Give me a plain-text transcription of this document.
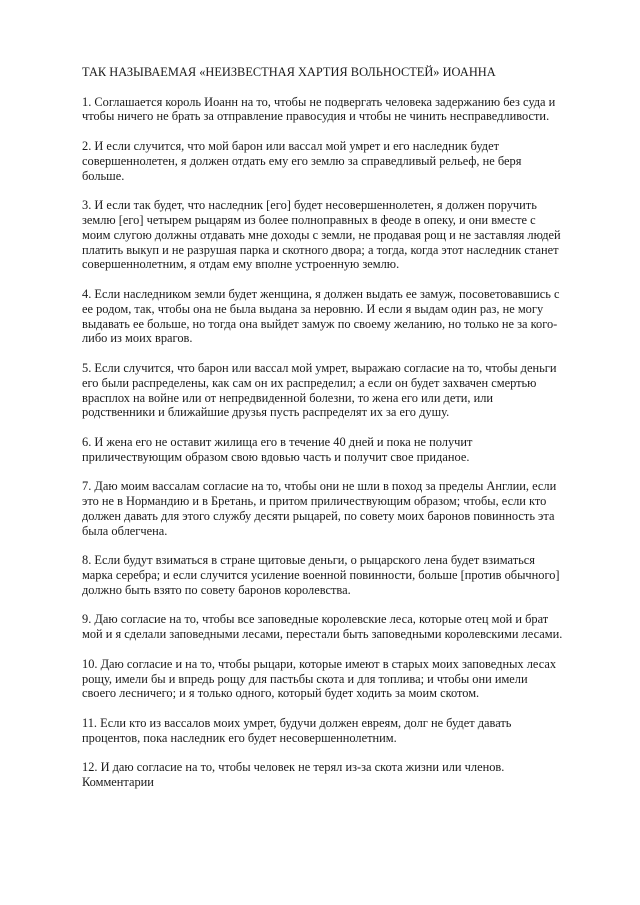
ТАК НАЗЫВАЕМАЯ «НЕИЗВЕСТНАЯ ХАРТИЯ ВОЛЬНОСТЕЙ» ИОАННА
1. Соглашается король Иоанн на то, чтобы не подвергать человека задержанию без суда и
чтобы ничего не брать за отправление правосудия и чтобы не чинить несправедливости.
2. И если случится, что мой барон или вассал мой умрет и его наследник будет
совершеннолетен, я должен отдать ему его землю за справедливый рельеф, не беря
больше.
3. И если так будет, что наследник [его] будет несовершеннолетен, я должен поручить
землю [его] четырем рыцарям из более полноправных в феоде в опеку, и они вместе с
моим слугою должны отдавать мне доходы с земли, не продавая рощ и не заставляя людей
платить выкуп и не разрушая парка и скотного двора; а тогда, когда этот наследник станет
совершеннолетним, я отдам ему вполне устроенную землю.
4. Если наследником земли будет женщина, я должен выдать ее замуж, посоветовавшись с
ее родом, так, чтобы она не была выдана за неровню. И если я выдам один раз, не могу
выдавать ее больше, но тогда она выйдет замуж по своему желанию, но только не за кого-
либо из моих врагов.
5. Если случится, что барон или вассал мой умрет, выражаю согласие на то, чтобы деньги
его были распределены, как сам он их распределил; а если он будет захвачен смертью
врасплох на войне или от непредвиденной болезни, то жена его или дети, или
родственники и ближайшие друзья пусть распределят их за его душу.
6. И жена его не оставит жилища его в течение 40 дней и пока не получит
приличествующим образом свою вдовью часть и получит свое приданое.
7. Даю моим вассалам согласие на то, чтобы они не шли в поход за пределы Англии, если
это не в Нормандию и в Бретань, и притом приличествующим образом; чтобы, если кто
должен давать для этого службу десяти рыцарей, по совету моих баронов повинность эта
была облегчена.
8. Если будут взиматься в стране щитовые деньги, о рыцарского лена будет взиматься
марка серебра; и если случится усиление военной повинности, больше [против обычного]
должно быть взято по совету баронов королевства.
9. Даю согласие на то, чтобы все заповедные королевские леса, которые отец мой и брат
мой и я сделали заповедными лесами, перестали быть заповедными королевскими лесами.
10. Даю согласие и на то, чтобы рыцари, которые имеют в старых моих заповедных лесах
рощу, имели бы и впредь рощу для пастьбы скота и для топлива; и чтобы они имели
своего лесничего; и я только одного, который будет ходить за моим скотом.
11. Если кто из вассалов моих умрет, будучи должен евреям, долг не будет давать
процентов, пока наследник его будет несовершеннолетним.
12. И даю согласие на то, чтобы человек не терял из-за скота жизни или членов.
Комментарии
